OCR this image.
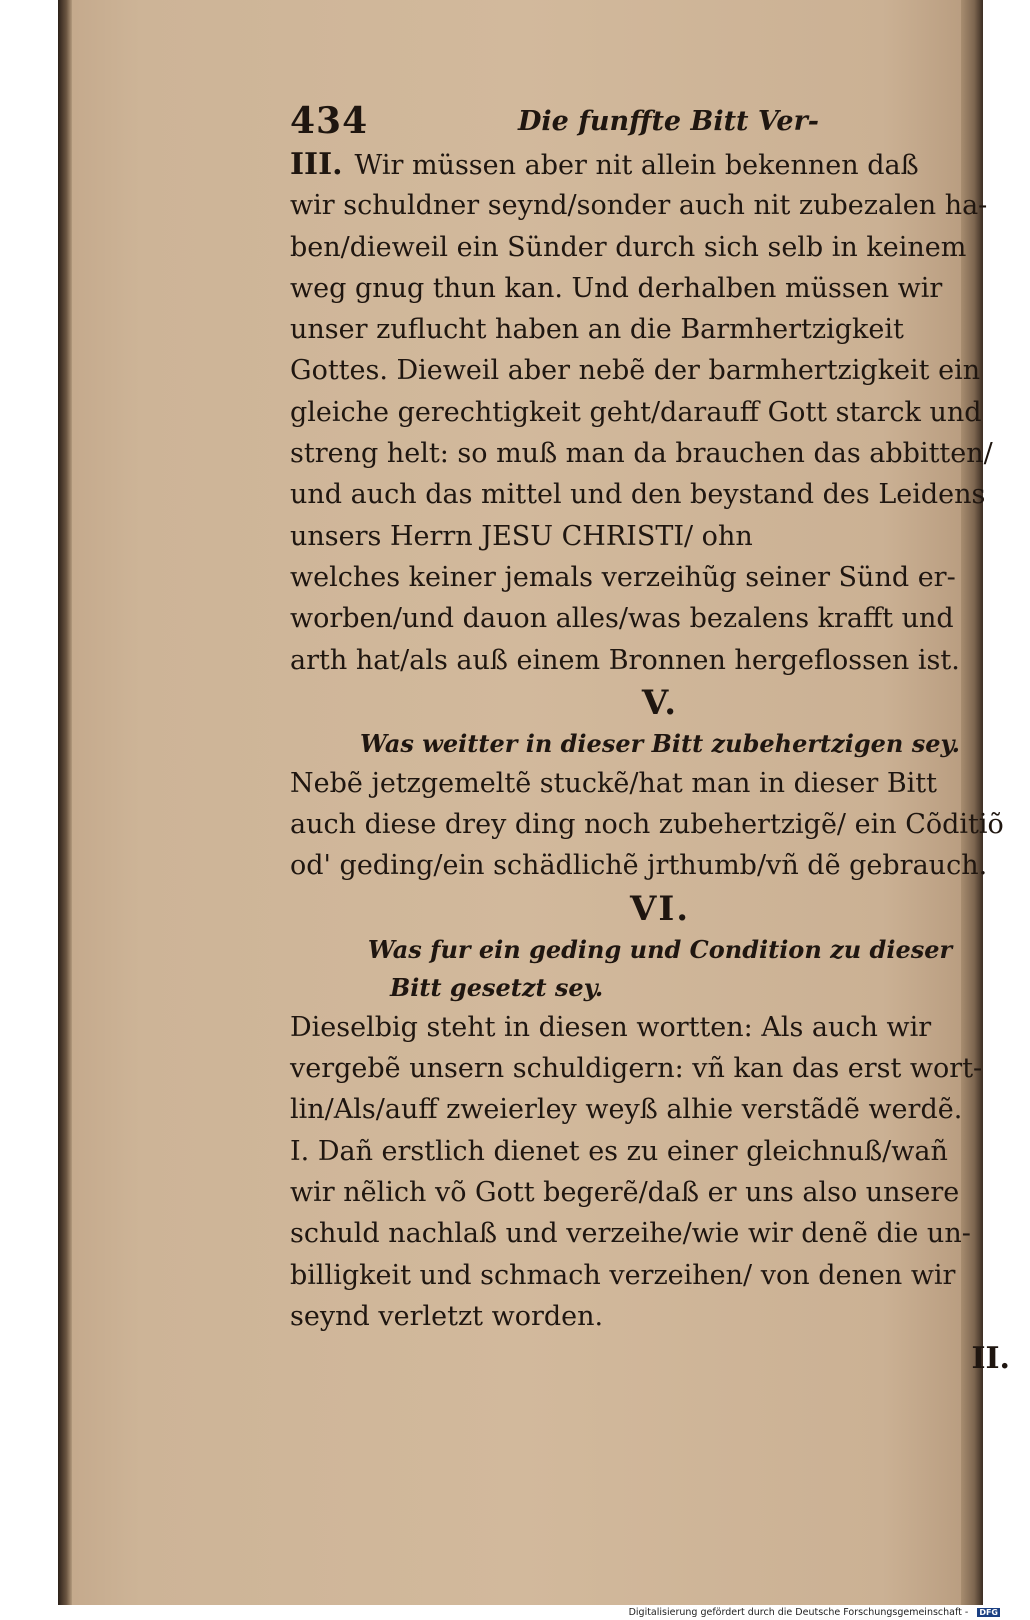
434	Die funffte Bitt Ver-
III. Wir müssen aber nit allein bekennen daß
wir schuldner seynd/sonder auch nit zubezalen ha-
ben/dieweil ein Sünder durch sich selb in keinem
weg gnug thun kan. Und derhalben müssen wir
unser zuflucht haben an die Barmhertzigkeit
Gottes. Dieweil aber nebẽ der barmhertzigkeit ein
gleiche gerechtigkeit geht/darauff Gott starck und
streng helt: so muß man da brauchen das abbitten/
und auch das mittel und den beystand des Leidens
unsers Herrn JESU CHRISTI/ ohn
welches keiner jemals verzeihũg seiner Sünd er-
worben/und dauon alles/was bezalens krafft und
arth hat/als auß einem Bronnen hergeflossen ist.
V.
Was weitter in dieser Bitt zubehertzigen sey.
Nebẽ jetzgemeltẽ stuckẽ/hat man in dieser Bitt
auch diese drey ding noch zubehertzigẽ/ ein Cõditiõ
od' geding/ein schädlichẽ jrthumb/vñ dẽ gebrauch.
VI.
Was fur ein geding und Condition zu dieser
Bitt gesetzt sey.
Dieselbig steht in diesen wortten: Als auch wir
vergebẽ unsern schuldigern: vñ kan das erst wort-
lin/Als/auff zweierley weyß alhie verstãdẽ werdẽ.
I. Dañ erstlich dienet es zu einer gleichnuß/wañ
wir nẽlich võ Gott begerẽ/daß er uns also unsere
schuld nachlaß und verzeihe/wie wir denẽ die un-
billigkeit und schmach verzeihen/ von denen wir
seynd verletzt worden.
II.
Digitalisierung gefördert durch die Deutsche Forschungsgemeinschaft -	DFG
